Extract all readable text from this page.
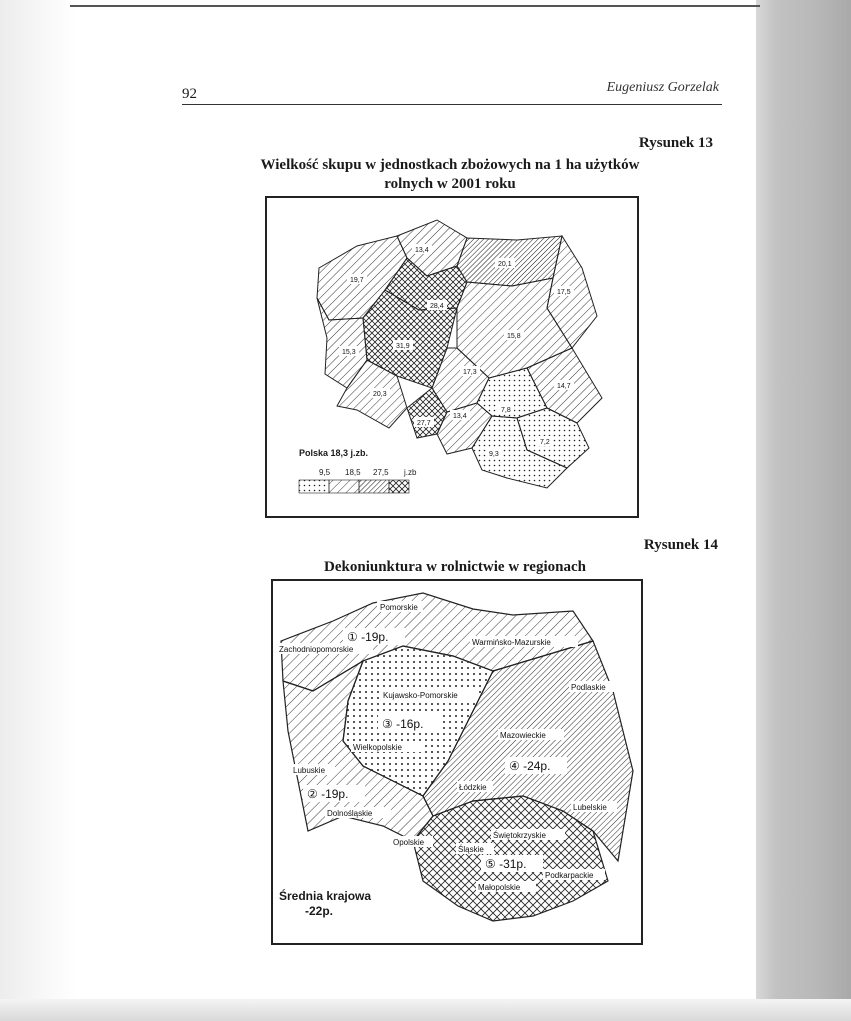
92	Eugeniusz Gorzelak
Rysunek 13
Wielkość skupu w jednostkach zbożowych na 1 ha użytków
rolnych w 2001 roku
13,4
20,1
19,7
28,4
17,5
15,8
15,3
31,9
17,3
14,7
20,3
7,8
27,7
13,4
7,2
9,3
Polska 18,3 j.zb.
9,5 18,5 27,5 j.zb
Rysunek 14
Dekoniunktura w rolnictwie w regionach
Pomorskie
Warmińsko-Mazurskie
Zachodniopomorskie
Podlaskie
Kujawsko-Pomorskie
Wielkopolskie
Mazowieckie
Lubuskie
Łódzkie
Dolnośląskie
Lubelskie
Opolskie
Świętokrzyskie
Śląskie
Podkarpackie
Małopolskie
① -19p.
③ -16p.
④ -24p.
② -19p.
⑤ -31p.
Średnia krajowa
-22p.
